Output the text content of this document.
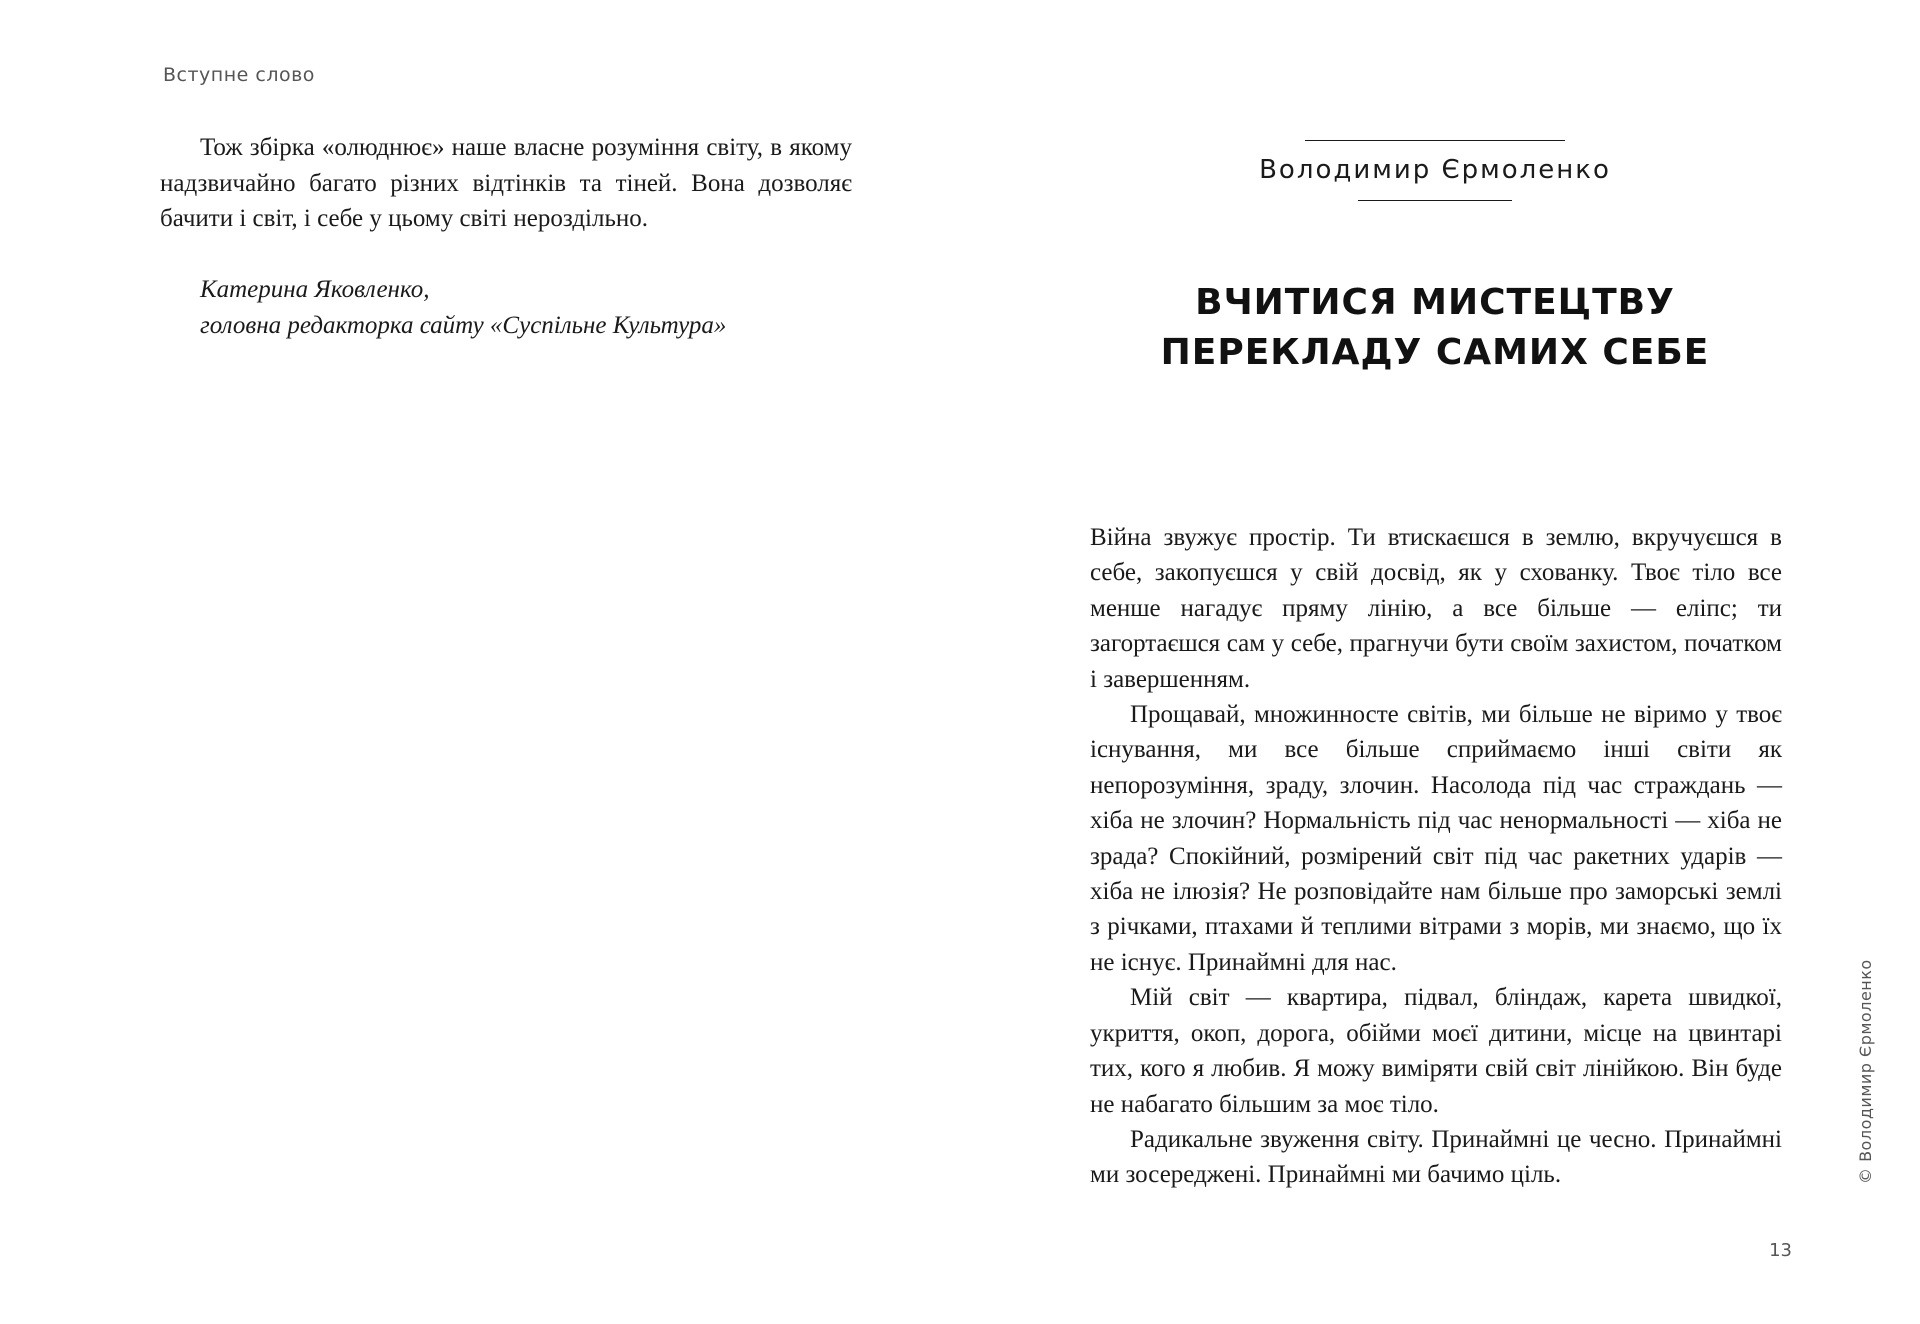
Вступне слово

Тож збірка «олюднює» наше власне розуміння світу, в якому надзвичайно багато різних відтінків та тіней. Вона дозволяє бачити і світ, і себе у цьому світі нероздільно.

Катерина Яковленко,
головна редакторка сайту «Суспільне Культура»
Володимир Єрмоленко
ВЧИТИСЯ МИСТЕЦТВУ
ПЕРЕКЛАДУ САМИХ СЕБЕ

Війна звужує простір. Ти втискаєшся в землю, вкручуєшся в себе, закопуєшся у свій досвід, як у схованку. Твоє тіло все менше нагадує пряму лінію, а все більше — еліпс; ти загортаєшся сам у себе, прагнучи бути своїм захистом, початком і завершенням.

Прощавай, множинносте світів, ми більше не віримо у твоє існування, ми все більше сприймаємо інші світи як непорозуміння, зраду, злочин. Насолода під час страждань — хіба не злочин? Нормальність під час ненормальності — хіба не зрада? Спокійний, розмірений світ під час ракетних ударів — хіба не ілюзія? Не розповідайте нам більше про заморські землі з річками, птахами й теплими вітрами з морів, ми знаємо, що їх не існує. Принаймні для нас.

Мій світ — квартира, підвал, бліндаж, карета швидкої, укриття, окоп, дорога, обійми моєї дитини, місце на цвинтарі тих, кого я любив. Я можу виміряти свій світ лінійкою. Він буде не набагато більшим за моє тіло.

Радикальне звуження світу. Принаймні це чесно. Принаймні ми зосереджені. Принаймні ми бачимо ціль.

13
© Володимир Єрмоленко
